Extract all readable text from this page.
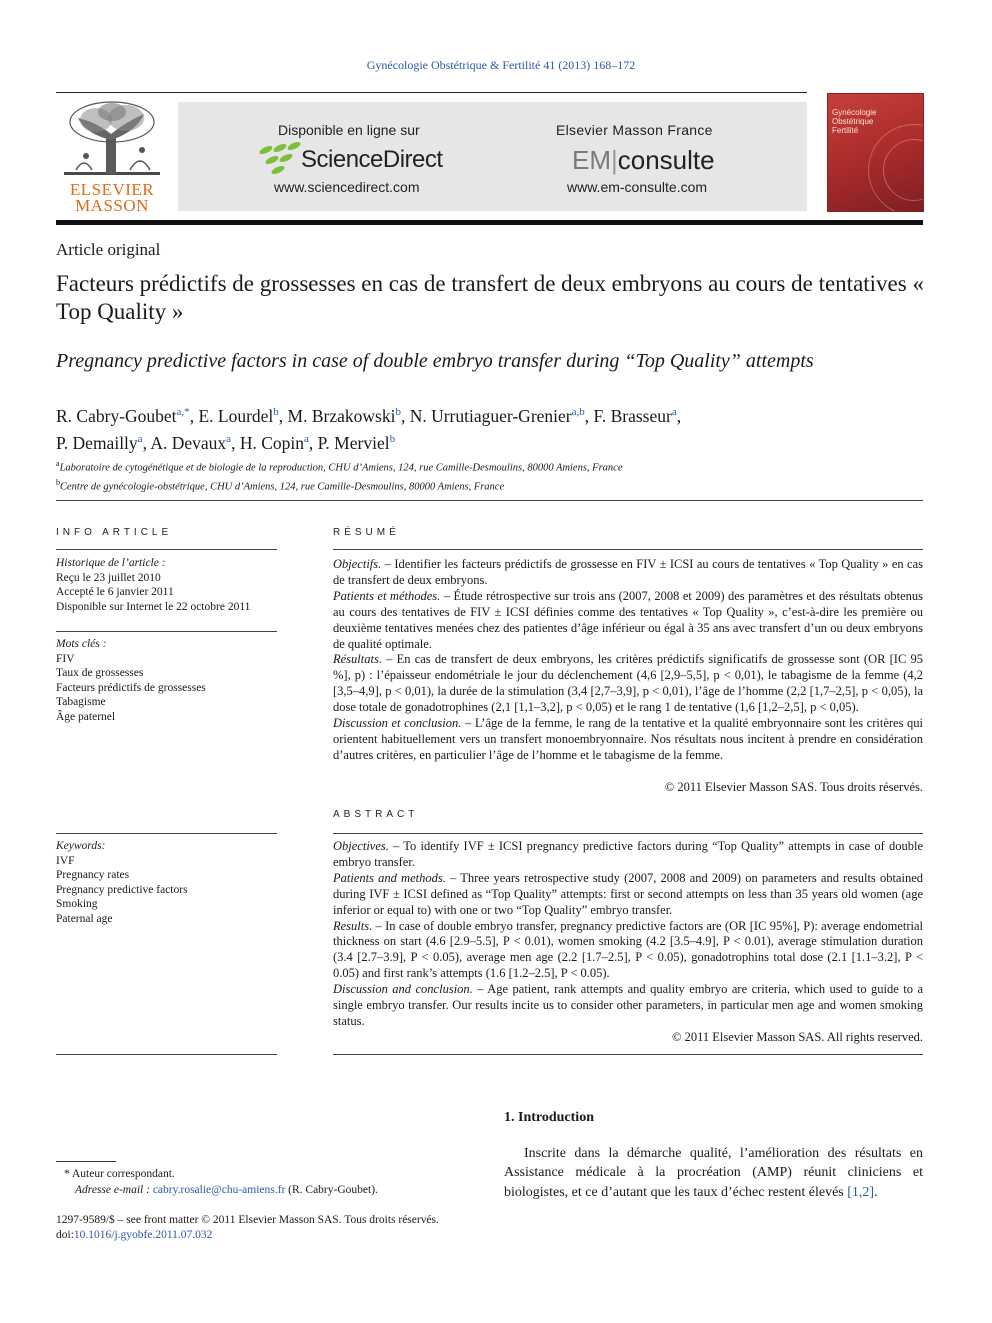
Gynécologie Obstétrique & Fertilité 41 (2013) 168–172
ELSEVIER
MASSON
Disponible en ligne sur
ScienceDirect
www.sciencedirect.com
Elsevier Masson France
EM|consulte
www.em-consulte.com
Gynécologie Obstétrique Fertilité
Article original
Facteurs prédictifs de grossesses en cas de transfert de deux embryons au cours de tentatives « Top Quality »
Pregnancy predictive factors in case of double embryo transfer during “Top Quality” attempts
R. Cabry-Goubet$^{a,*}$, E. Lourdel$^b$, M. Brzakowski$^b$, N. Urrutiaguer-Grenier$^{a,b}$, F. Brasseur$^a$,
P. Demailly$^a$, A. Devaux$^a$, H. Copin$^a$, P. Merviel$^b$
$^a$Laboratoire de cytogénétique et de biologie de la reproduction, CHU d’Amiens, 124, rue Camille-Desmoulins, 80000 Amiens, France
$^b$Centre de gynécologie-obstétrique, CHU d’Amiens, 124, rue Camille-Desmoulins, 80000 Amiens, France
INFO ARTICLE
Historique de l’article :
Reçu le 23 juillet 2010
Accepté le 6 janvier 2011
Disponible sur Internet le 22 octobre 2011
Mots clés :
FIV
Taux de grossesses
Facteurs prédictifs de grossesses
Tabagisme
Âge paternel
Keywords:
IVF
Pregnancy rates
Pregnancy predictive factors
Smoking
Paternal age
RÉSUMÉ

Objectifs. – Identifier les facteurs prédictifs de grossesse en FIV ± ICSI au cours de tentatives « Top Quality » en cas de transfert de deux embryons.

Patients et méthodes. – Étude rétrospective sur trois ans (2007, 2008 et 2009) des paramètres et des résultats obtenus au cours des tentatives de FIV ± ICSI définies comme des tentatives « Top Quality », c’est-à-dire les première ou deuxième tentatives menées chez des patientes d’âge inférieur ou égal à 35 ans avec transfert d’un ou deux embryons de qualité optimale.

Résultats. – En cas de transfert de deux embryons, les critères prédictifs significatifs de grossesse sont (OR [IC 95 %], p) : l’épaisseur endométriale le jour du déclenchement (4,6 [2,9–5,5], p < 0,01), le tabagisme de la femme (4,2 [3,5–4,9], p < 0,01), la durée de la stimulation (3,4 [2,7–3,9], p < 0,01), l’âge de l’homme (2,2 [1,7–2,5], p < 0,05), la dose totale de gonadotrophines (2,1 [1,1–3,2], p < 0,05) et le rang 1 de tentative (1,6 [1,2–2,5], p < 0,05).

Discussion et conclusion. – L’âge de la femme, le rang de la tentative et la qualité embryonnaire sont les critères qui orientent habituellement vers un transfert monoembryonnaire. Nos résultats nous incitent à prendre en considération d’autres critères, en particulier l’âge de l’homme et le tabagisme de la femme.

© 2011 Elsevier Masson SAS. Tous droits réservés.
ABSTRACT

Objectives. – To identify IVF ± ICSI pregnancy predictive factors during “Top Quality” attempts in case of double embryo transfer.

Patients and methods. – Three years retrospective study (2007, 2008 and 2009) on parameters and results obtained during IVF ± ICSI defined as “Top Quality” attempts: first or second attempts on less than 35 years old women (age inferior or equal to) with one or two “Top Quality” embryo transfer.

Results. – In case of double embryo transfer, pregnancy predictive factors are (OR [IC 95%], P): average endometrial thickness on start (4.6 [2.9–5.5], P < 0.01), women smoking (4.2 [3.5–4.9], P < 0.01), average stimulation duration (3.4 [2.7–3.9], P < 0.05), average men age (2.2 [1.7–2.5], P < 0.05), gonadotrophins total dose (2.1 [1.1–3.2], P < 0.05) and first rank’s attempts (1.6 [1.2–2.5], P < 0.05).

Discussion and conclusion. – Age patient, rank attempts and quality embryo are criteria, which used to guide to a single embryo transfer. Our results incite us to consider other parameters, in particular men age and women smoking status.

© 2011 Elsevier Masson SAS. All rights reserved.
1. Introduction
Inscrite dans la démarche qualité, l’amélioration des résultats en Assistance médicale à la procréation (AMP) réunit cliniciens et biologistes, et ce d’autant que les taux d’échec restent élevés [1,2].
* Auteur correspondant.
Adresse e-mail : cabry.rosalie@chu-amiens.fr (R. Cabry-Goubet).
1297-9589/$ – see front matter © 2011 Elsevier Masson SAS. Tous droits réservés.
doi:10.1016/j.gyobfe.2011.07.032
